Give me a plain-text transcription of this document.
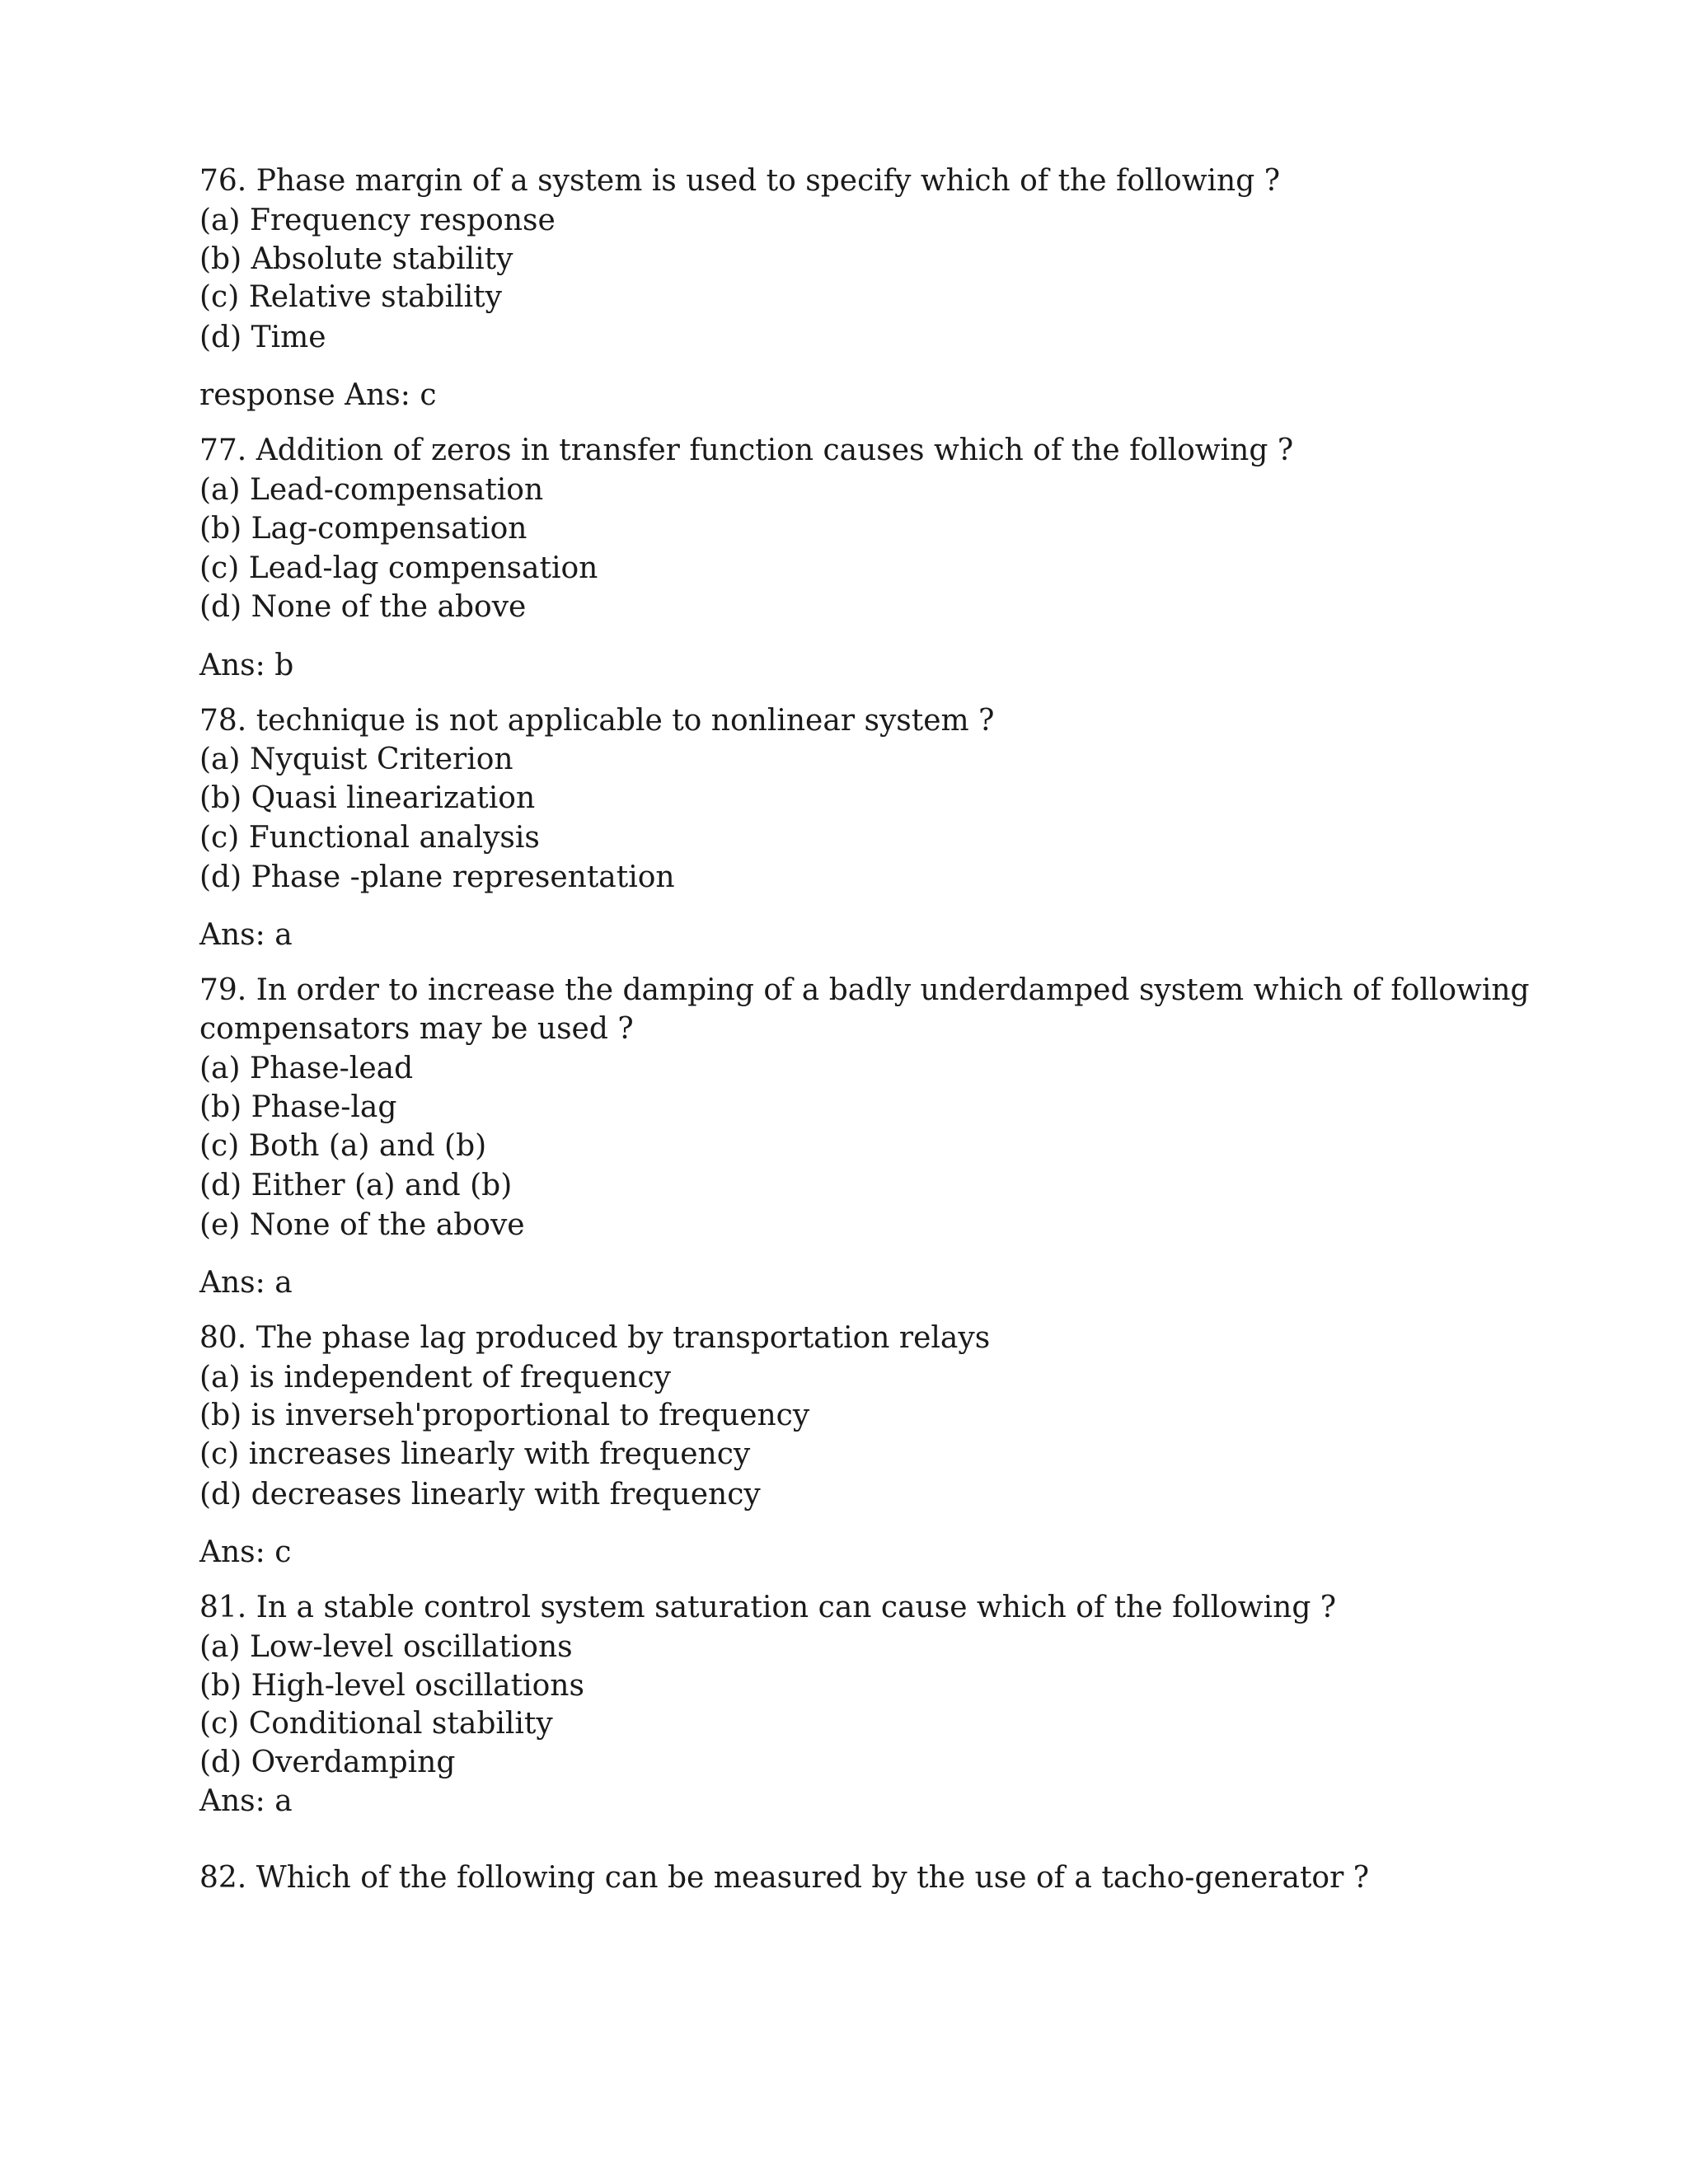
76. Phase margin of a system is used to specify which of the following ?
(a) Frequency response
(b) Absolute stability
(c) Relative stability
(d) Time
response Ans: c
77. Addition of zeros in transfer function causes which of the following ?
(a) Lead-compensation
(b) Lag-compensation
(c) Lead-lag compensation
(d) None of the above
Ans: b
78. technique is not applicable to nonlinear system ?
(a) Nyquist Criterion
(b) Quasi linearization
(c) Functional analysis
(d) Phase -plane representation
Ans: a
79. In order to increase the damping of a badly underdamped system which of following
compensators may be used ?
(a) Phase-lead
(b) Phase-lag
(c) Both (a) and (b)
(d) Either (a) and (b)
(e) None of the above
Ans: a
80. The phase lag produced by transportation relays
(a) is independent of frequency
(b) is inverseh'proportional to frequency
(c) increases linearly with frequency
(d) decreases linearly with frequency
Ans: c
81. In a stable control system saturation can cause which of the following ?
(a) Low-level oscillations
(b) High-level oscillations
(c) Conditional stability
(d) Overdamping
Ans: a
82. Which of the following can be measured by the use of a tacho-generator ?
